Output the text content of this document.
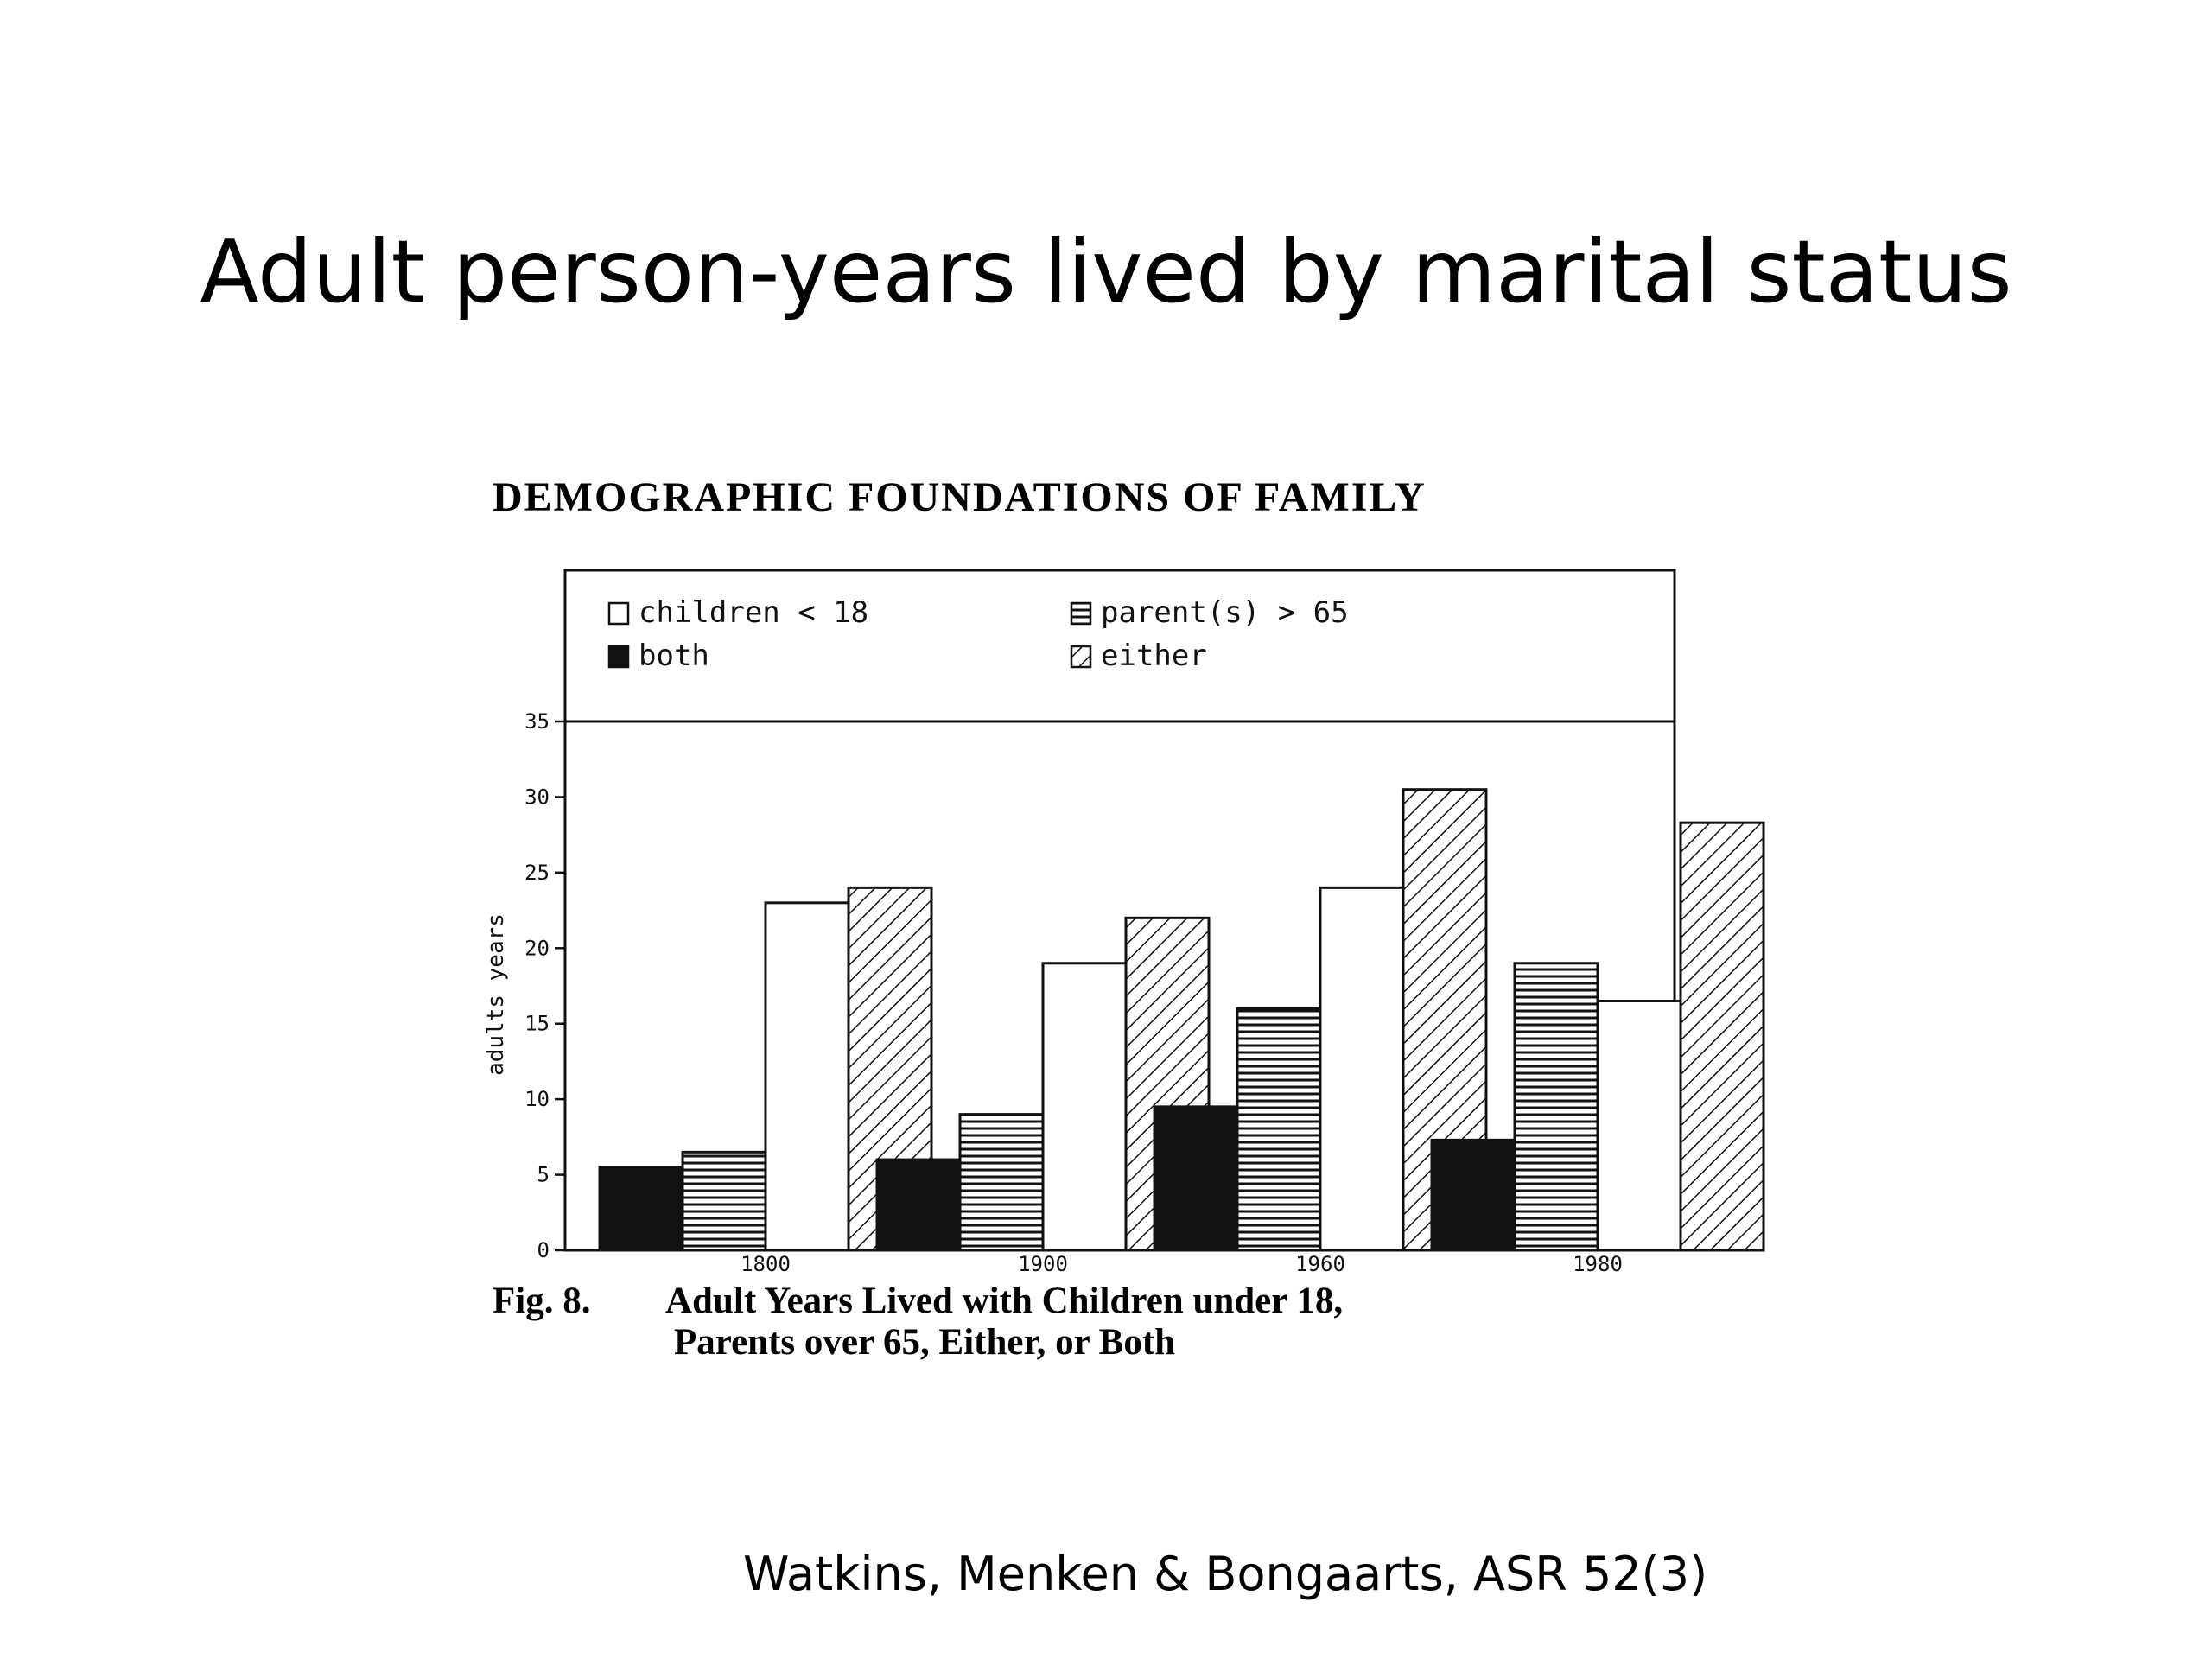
Adult person-years lived by marital status
DEMOGRAPHIC FOUNDATIONS OF FAMILY
children < 18	parent(s) > 65
both	either
0
5
10
15
20
25
30
35
adults years
1800	1900	1960	1980
Fig. 8. Adult Years Lived with Children under 18,
Parents over 65, Either, or Both
Watkins, Menken & Bongaarts, ASR 52(3)
